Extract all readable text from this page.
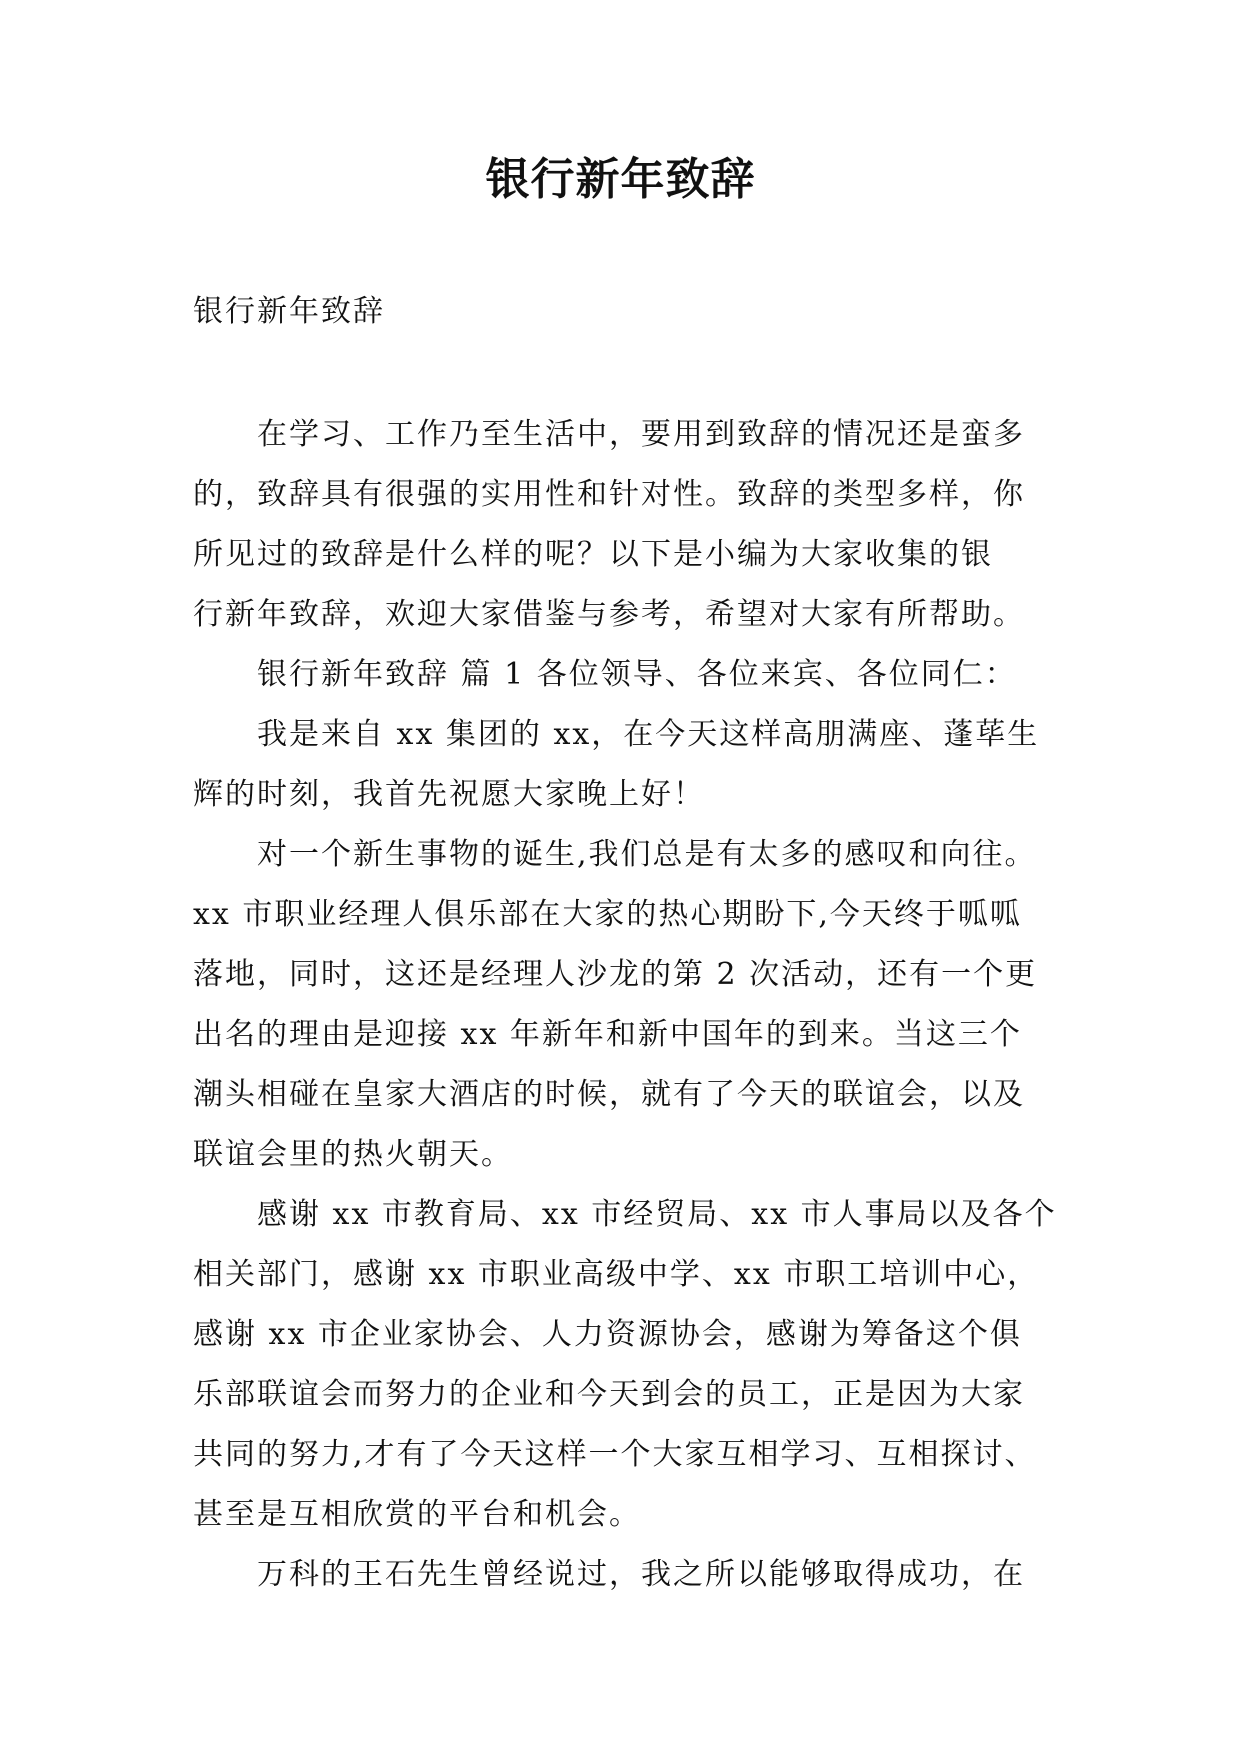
银行新年致辞

银行新年致辞

在学习、工作乃至生活中，要用到致辞的情况还是蛮多
的，致辞具有很强的实用性和针对性。致辞的类型多样，你
所见过的致辞是什么样的呢？以下是小编为大家收集的银
行新年致辞，欢迎大家借鉴与参考，希望对大家有所帮助。
银行新年致辞 篇 1 各位领导、各位来宾、各位同仁：
我是来自 xx 集团的 xx，在今天这样高朋满座、蓬荜生
辉的时刻，我首先祝愿大家晚上好！
对一个新生事物的诞生,我们总是有太多的感叹和向往。
xx 市职业经理人俱乐部在大家的热心期盼下,今天终于呱呱
落地，同时，这还是经理人沙龙的第 2 次活动，还有一个更
出名的理由是迎接 xx 年新年和新中国年的到来。当这三个
潮头相碰在皇家大酒店的时候，就有了今天的联谊会，以及
联谊会里的热火朝天。
感谢 xx 市教育局、xx 市经贸局、xx 市人事局以及各个
相关部门，感谢 xx 市职业高级中学、xx 市职工培训中心，
感谢 xx 市企业家协会、人力资源协会，感谢为筹备这个俱
乐部联谊会而努力的企业和今天到会的员工，正是因为大家
共同的努力,才有了今天这样一个大家互相学习、互相探讨、
甚至是互相欣赏的平台和机会。
万科的王石先生曾经说过，我之所以能够取得成功，在
